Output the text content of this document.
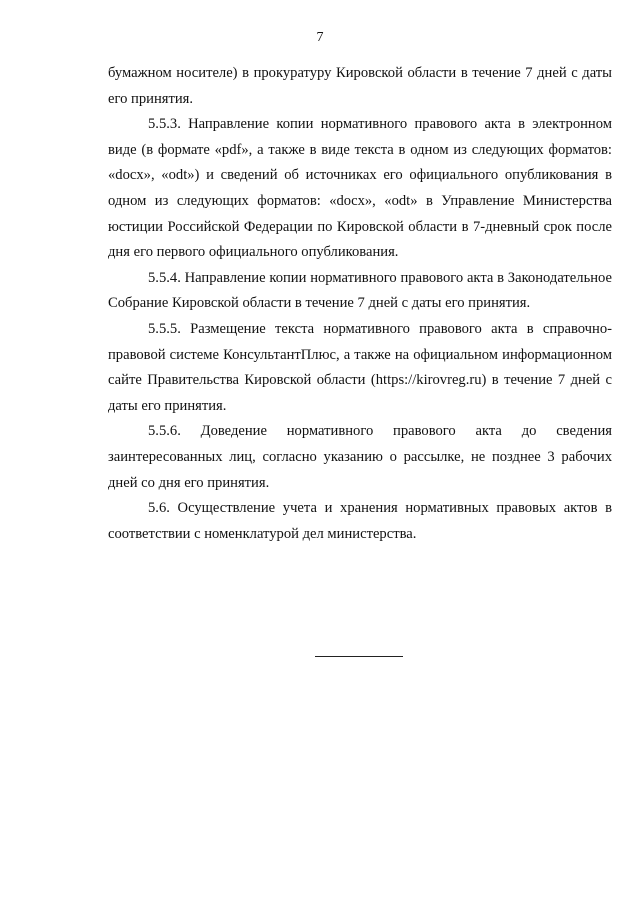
7

бумажном носителе) в прокуратуру Кировской области в течение 7 дней с даты его принятия.

5.5.3. Направление копии нормативного правового акта в электронном виде (в формате «pdf», а также в виде текста в одном из следующих форматов: «docx», «odt») и сведений об источниках его официального опубликования в одном из следующих форматов: «docx», «odt» в Управление Министерства юстиции Российской Федерации по Кировской области в 7-дневный срок после дня его первого официального опубликования.

5.5.4. Направление копии нормативного правового акта в Законодательное Собрание Кировской области в течение 7 дней с даты его принятия.

5.5.5. Размещение текста нормативного правового акта в справочно-правовой системе КонсультантПлюс, а также на официальном информационном сайте Правительства Кировской области (https://kirovreg.ru) в течение 7 дней с даты его принятия.

5.5.6. Доведение нормативного правового акта до сведения заинтересованных лиц, согласно указанию о рассылке, не позднее 3 рабочих дней со дня его принятия.

5.6. Осуществление учета и хранения нормативных правовых актов в соответствии с номенклатурой дел министерства.
